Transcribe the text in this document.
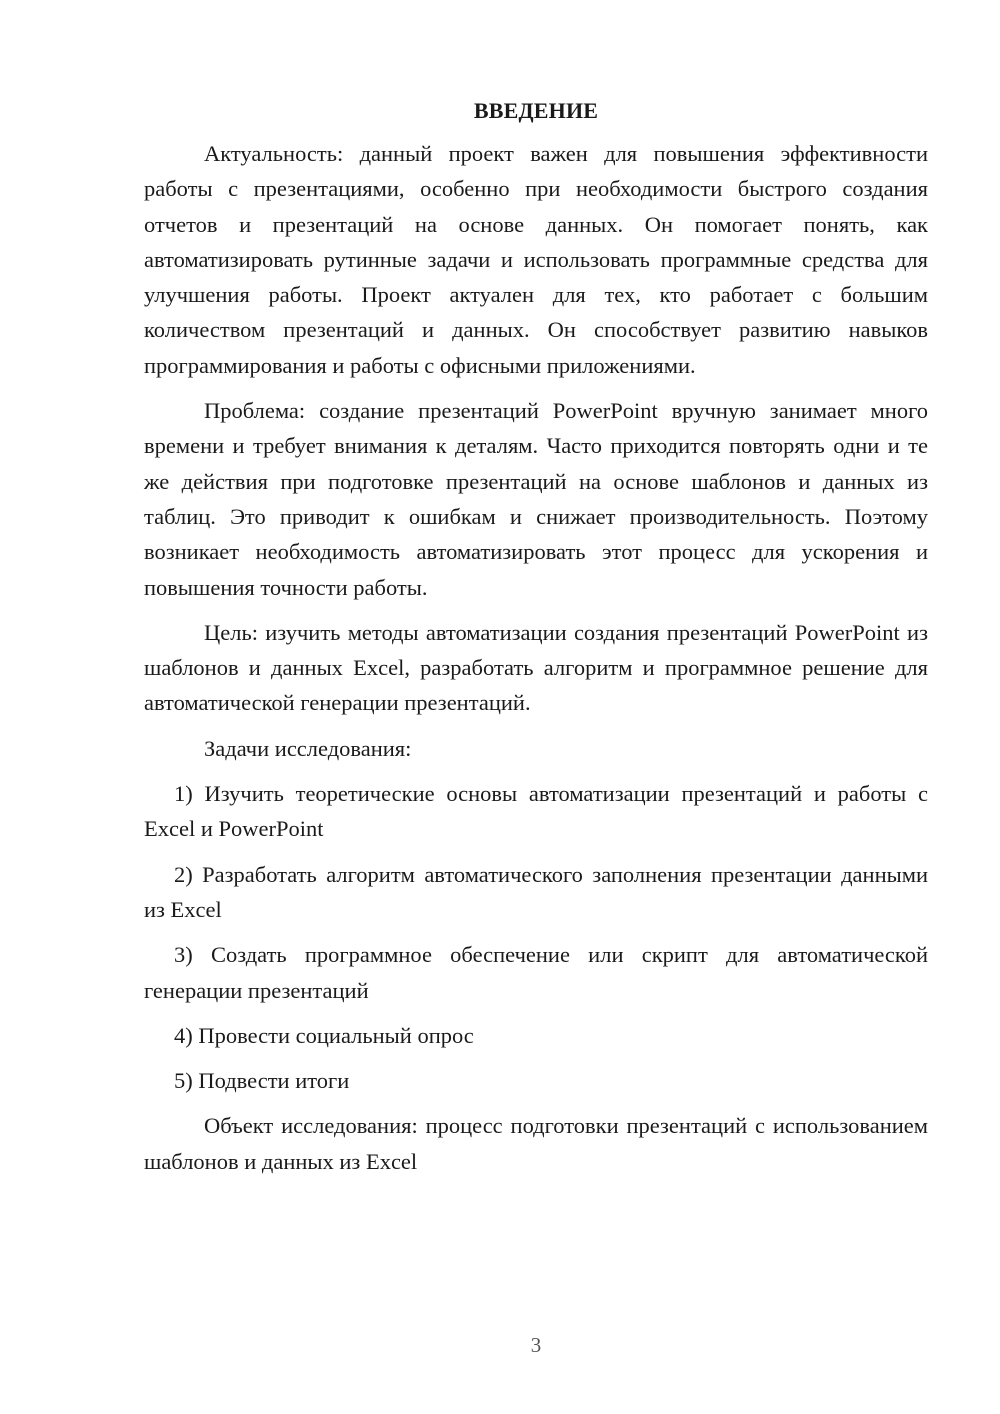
ВВЕДЕНИЕ

Актуальность: данный проект важен для повышения эффективности работы с презентациями, особенно при необходимости быстрого создания отчетов и презентаций на основе данных. Он помогает понять, как автоматизировать рутинные задачи и использовать программные средства для улучшения работы. Проект актуален для тех, кто работает с большим количеством презентаций и данных. Он способствует развитию навыков программирования и работы с офисными приложениями.

Проблема: создание презентаций PowerPoint вручную занимает много времени и требует внимания к деталям. Часто приходится повторять одни и те же действия при подготовке презентаций на основе шаблонов и данных из таблиц. Это приводит к ошибкам и снижает производительность. Поэтому возникает необходимость автоматизировать этот процесс для ускорения и повышения точности работы.

Цель: изучить методы автоматизации создания презентаций PowerPoint из шаблонов и данных Excel, разработать алгоритм и программное решение для автоматической генерации презентаций.

Задачи исследования:

1) Изучить теоретические основы автоматизации презентаций и работы с Excel и PowerPoint

2) Разработать алгоритм автоматического заполнения презентации данными из Excel

3) Создать программное обеспечение или скрипт для автоматической генерации презентаций

4) Провести социальный опрос

5) Подвести итоги

Объект исследования: процесс подготовки презентаций с использованием шаблонов и данных из Excel

3
